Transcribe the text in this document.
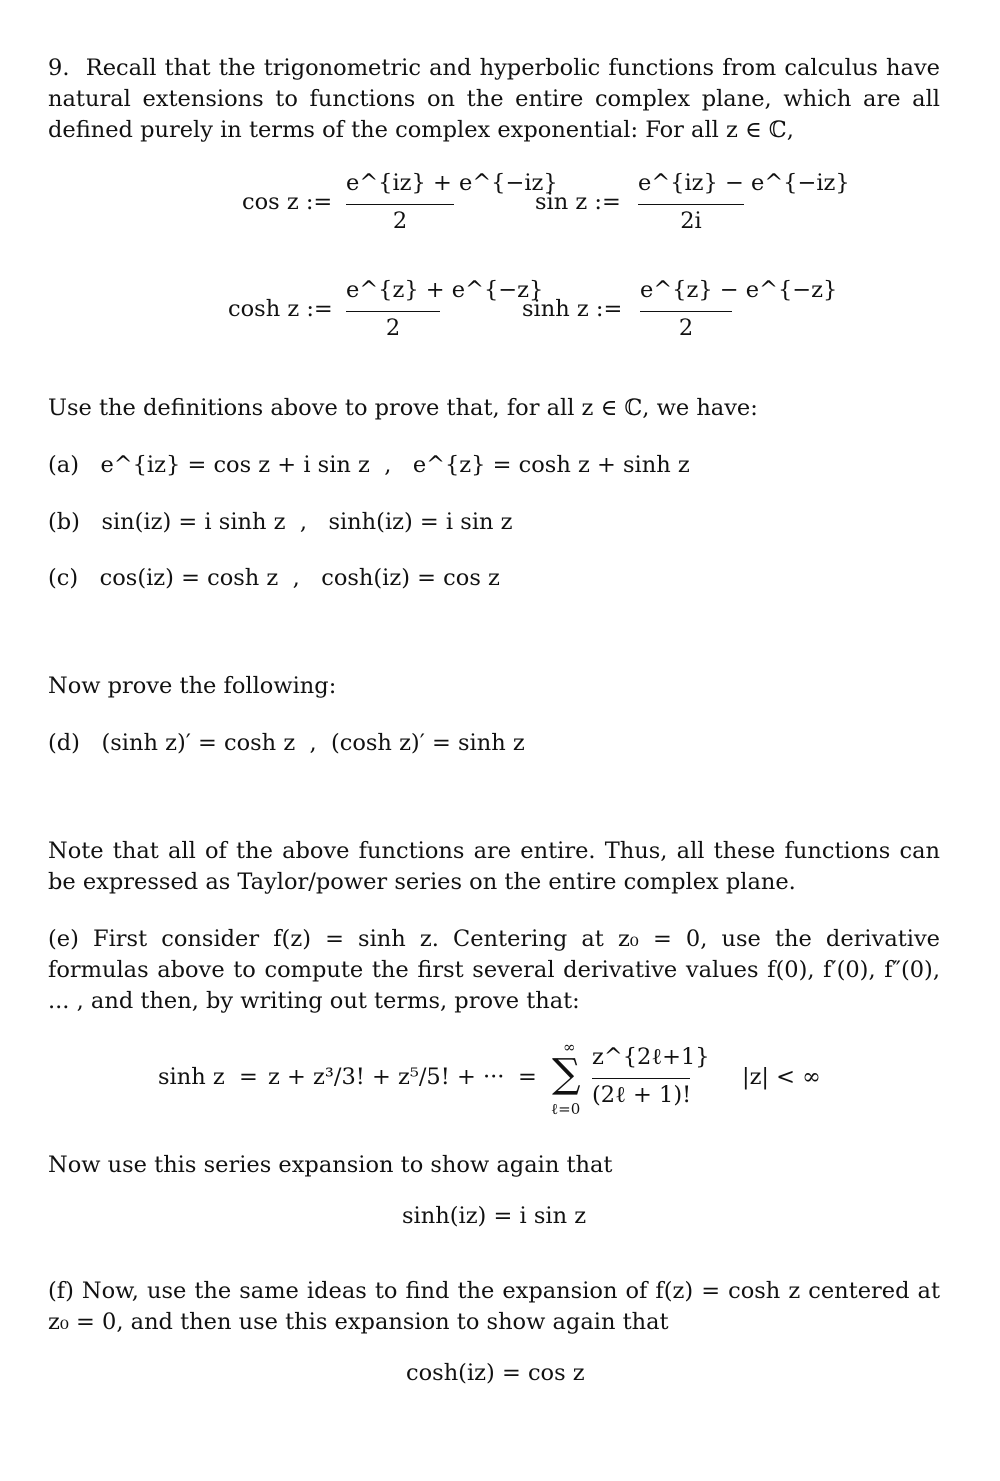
9. Recall that the trigonometric and hyperbolic functions from calculus have natural extensions to functions on the entire complex plane, which are all defined purely in terms of the complex exponential: For all z ∈ ℂ,
cos z :=
e^{iz} + e^{−iz}
2
sin z :=
e^{iz} − e^{−iz}
2i
cosh z :=
e^{z} + e^{−z}
2
sinh z :=
e^{z} − e^{−z}
2
Use the definitions above to prove that, for all z ∈ ℂ, we have:
(a) e^{iz} = cos z + i sin z  ,   e^{z} = cosh z + sinh z
(b) sin(iz) = i sinh z  ,   sinh(iz) = i sin z
(c) cos(iz) = cosh z  ,   cosh(iz) = cos z
Now prove the following:
(d) (sinh z)′ = cosh z  ,  (cosh z)′ = sinh z
Note that all of the above functions are entire. Thus, all these functions can be expressed as Taylor/power series on the entire complex plane.
(e) First consider f(z) = sinh z. Centering at z₀ = 0, use the derivative formulas above to compute the first several derivative values f(0), f′(0), f″(0), ... , and then, by writing out terms, prove that:
sinh z  = z + z³/3! + z⁵/5! + ··· =
∞
∑
ℓ=0
z^{2ℓ+1}
(2ℓ + 1)!
|z| < ∞
Now use this series expansion to show again that
sinh(iz) = i sin z
(f) Now, use the same ideas to find the expansion of f(z) = cosh z centered at z₀ = 0, and then use this expansion to show again that
cosh(iz) = cos z
